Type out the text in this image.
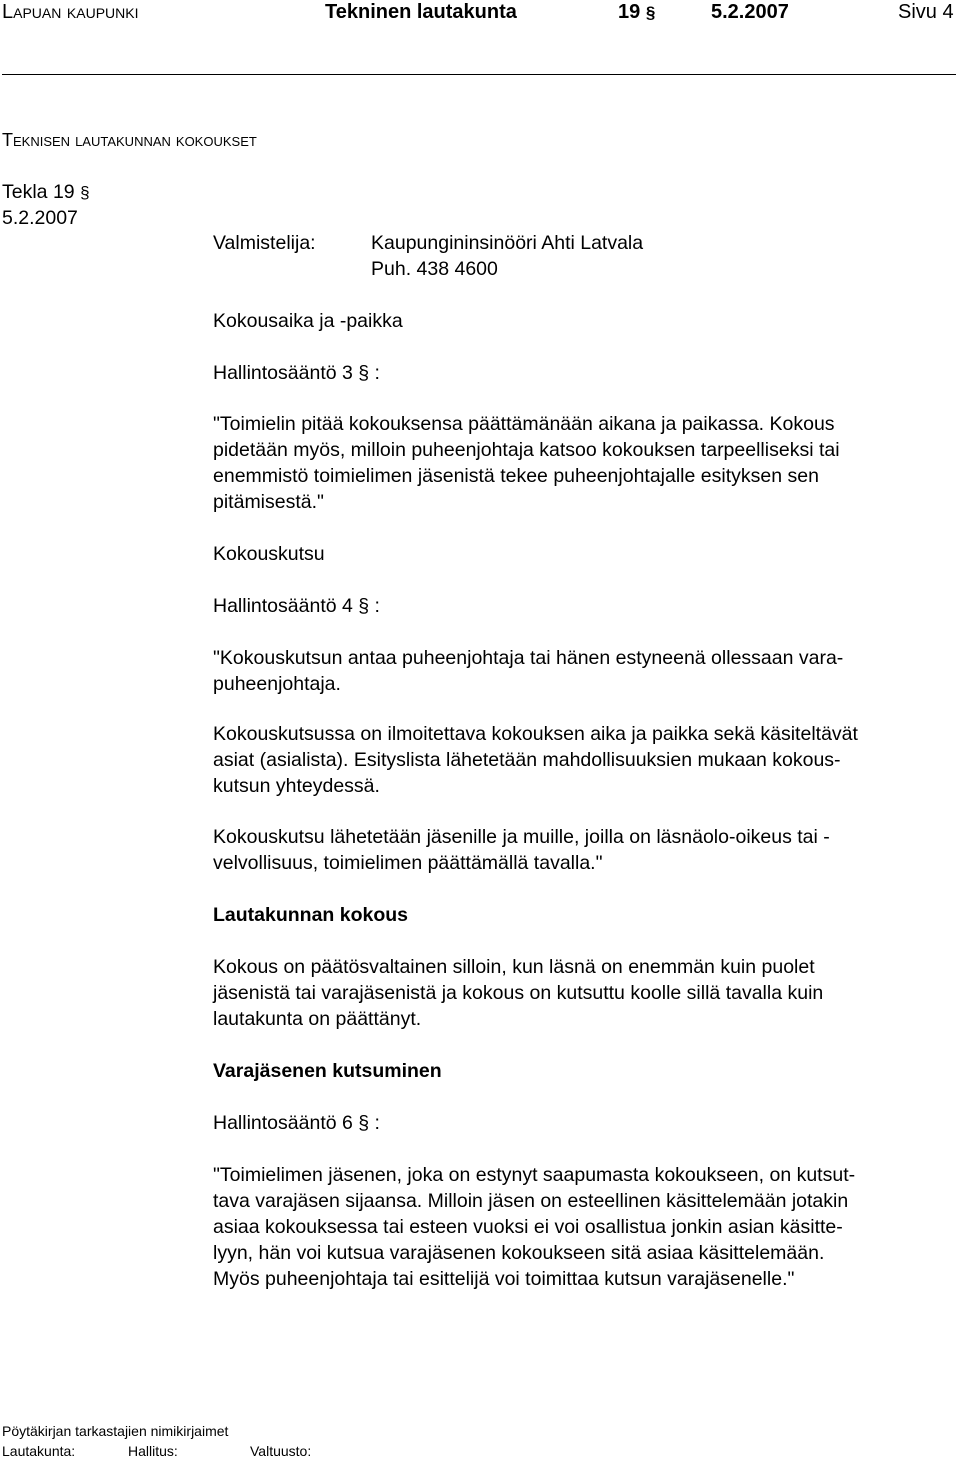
Lapuan kaupunki	Tekninen lautakunta	19 §	5.2.2007	Sivu 4
Teknisen lautakunnan kokoukset
Tekla 19 §
5.2.2007
Valmistelija:	Kaupungininsinööri Ahti Latvala
Puh. 438 4600

Kokousaika ja -paikka

Hallintosääntö 3 § :

"Toimielin pitää kokouksensa päättämänään aikana ja paikassa. Kokous
pidetään myös, milloin puheenjohtaja katsoo kokouksen tarpeelliseksi tai
enemmistö toimielimen jäsenistä tekee puheenjohtajalle esityksen sen
pitämisestä."

Kokouskutsu

Hallintosääntö 4 § :

"Kokouskutsun antaa puheenjohtaja tai hänen estyneenä ollessaan vara-
puheenjohtaja.

Kokouskutsussa on ilmoitettava kokouksen aika ja paikka sekä käsiteltävät
asiat (asialista). Esityslista lähetetään mahdollisuuksien mukaan kokous-
kutsun yhteydessä.

Kokouskutsu lähetetään jäsenille ja muille, joilla on läsnäolo-oikeus tai -
velvollisuus, toimielimen päättämällä tavalla."

Lautakunnan kokous

Kokous on päätösvaltainen silloin, kun läsnä on enemmän kuin puolet
jäsenistä tai varajäsenistä ja kokous on kutsuttu koolle sillä tavalla kuin
lautakunta on päättänyt.

Varajäsenen kutsuminen

Hallintosääntö 6 § :

"Toimielimen jäsenen, joka on estynyt saapumasta kokoukseen, on kutsut-
tava varajäsen sijaansa. Milloin jäsen on esteellinen käsittelemään jotakin
asiaa kokouksessa tai esteen vuoksi ei voi osallistua jonkin asian käsitte-
lyyn, hän voi kutsua varajäsenen kokoukseen sitä asiaa käsittelemään.
Myös puheenjohtaja tai esittelijä voi toimittaa kutsun varajäsenelle."

Pöytäkirjan tarkastajien nimikirjaimet
Lautakunta:	Hallitus:	Valtuusto:
